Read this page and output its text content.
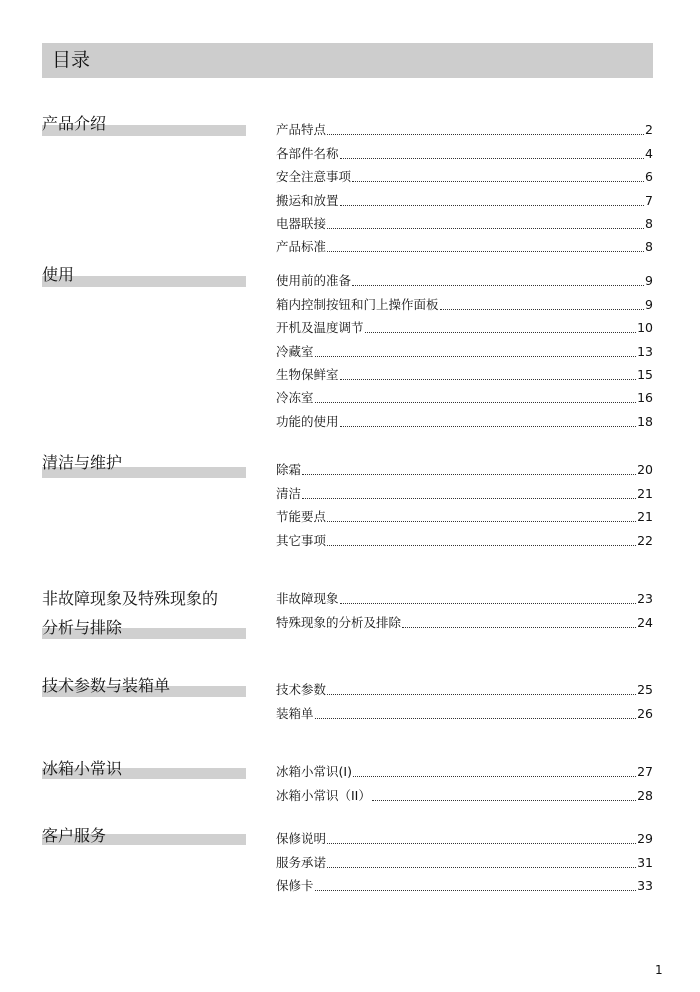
目录
产品介绍	产品特点	2
各部件名称	4
安全注意事项	6
搬运和放置	7
电器联接	8
产品标准	8
使用	使用前的准备	9
箱内控制按钮和门上操作面板	9
开机及温度调节	10
冷藏室	13
生物保鲜室	15
冷冻室	16
功能的使用	18
清洁与维护	除霜	20
清洁	21
节能要点	21
其它事项	22
非故障现象及特殊现象的
分析与排除
非故障现象	23
特殊现象的分析及排除	24
技术参数与装箱单	技术参数	25
装箱单	26
冰箱小常识	冰箱小常识(I)	27
冰箱小常识（II）	28
客户服务	保修说明	29
服务承诺	31
保修卡	33
1
